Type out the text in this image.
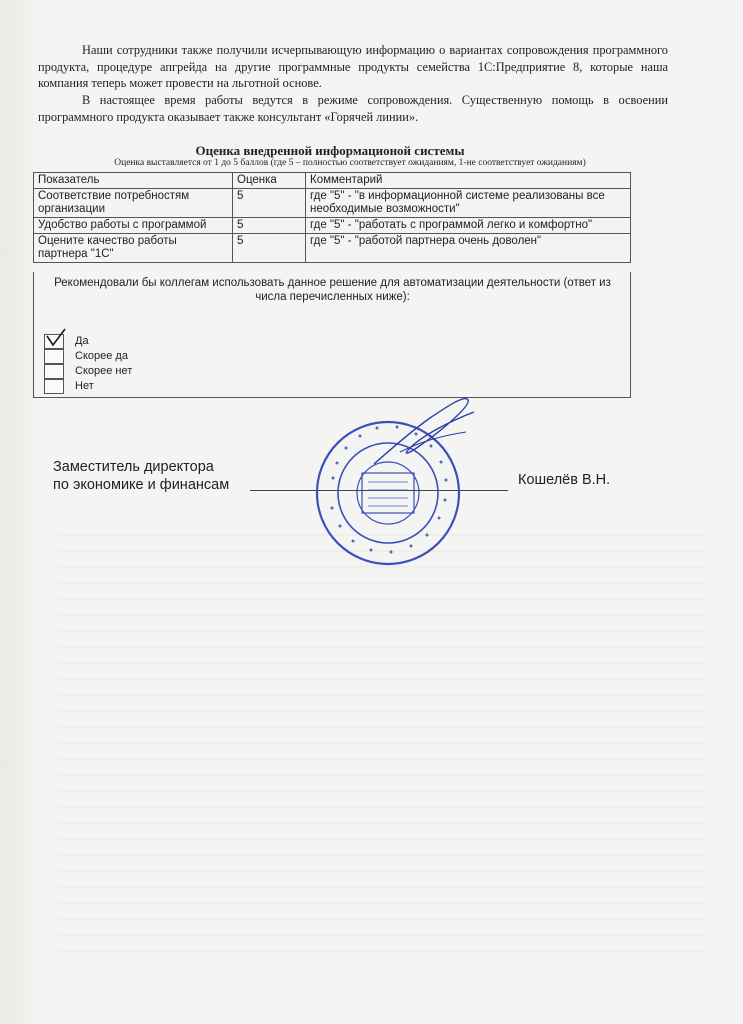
Наши сотрудники также получили исчерпывающую информацию о вариантах сопровождения программного продукта, процедуре апгрейда на другие программные продукты семейства 1С:Предприятие 8, которые наша компания теперь может провести на льготной основе.

В настоящее время работы ведутся в режиме сопровождения. Существенную помощь в освоении программного продукта оказывает также консультант «Горячей линии».

Оценка внедренной информационой системы
Оценка выставляется от 1 до 5 баллов (где 5 – полностью соответствует ожиданиям, 1-не соответствует ожиданиям)
Показатель	Оценка	Комментарий
Соответствие потребностям организации	5	где "5" - "в информационной системе реализованы все необходимые возможности"
Удобство работы с программой	5	где "5" - "работать с программой легко и комфортно"
Оцените качество работы партнера "1С"	5	где "5" - "работой партнера очень доволен"
Рекомендовали бы коллегам использовать данное решение для автоматизации деятельности (ответ из числа перечисленных ниже):
Да
Скорее да
Скорее нет
Нет
Заместитель директора
по экономике и финансам	Кошелёв В.Н.
